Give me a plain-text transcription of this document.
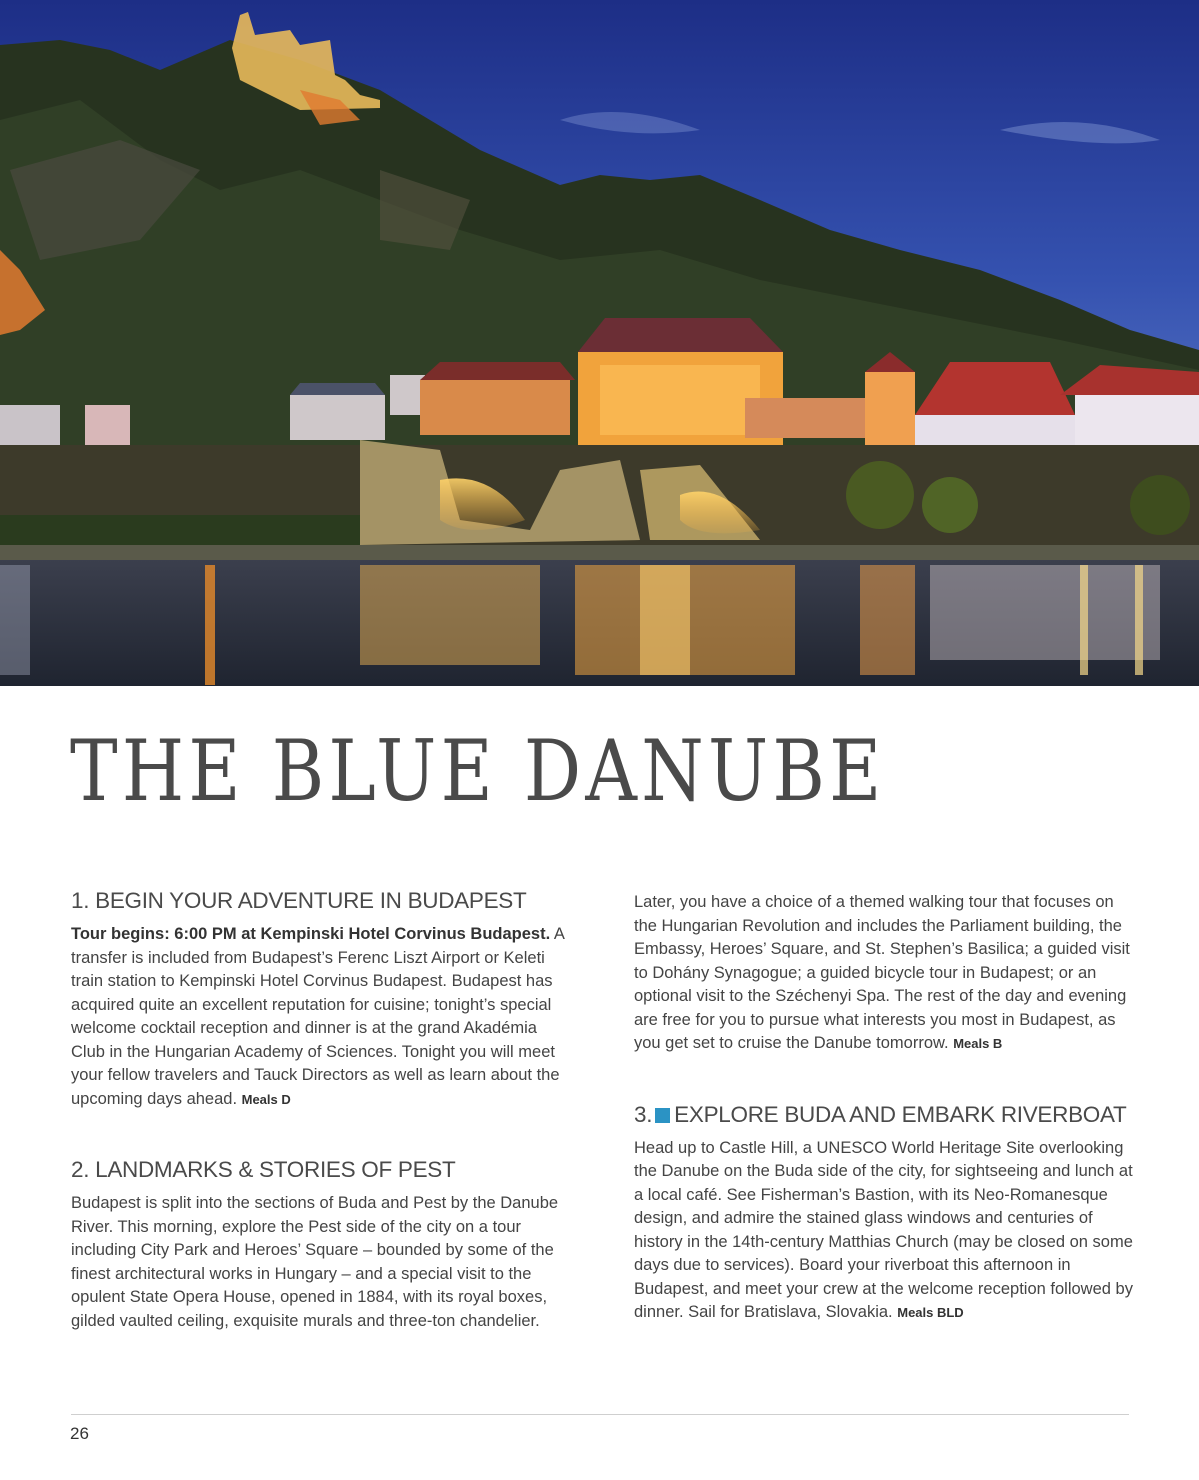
THE BLUE DANUBE
1. BEGIN YOUR ADVENTURE IN BUDAPEST

Tour begins: 6:00 PM at Kempinski Hotel Corvinus Budapest. A transfer is included from Budapest’s Ferenc Liszt Airport or Keleti train station to Kempinski Hotel Corvinus Budapest. Budapest has acquired quite an excellent reputation for cuisine; tonight’s special welcome cocktail reception and dinner is at the grand Akadémia Club in the Hungarian Academy of Sciences. Tonight you will meet your fellow travelers and Tauck Directors as well as learn about the upcoming days ahead. Meals D

2. LANDMARKS & STORIES OF PEST

Budapest is split into the sections of Buda and Pest by the Danube River. This morning, explore the Pest side of the city on a tour including City Park and Heroes’ Square – bounded by some of the finest architectural works in Hungary – and a special visit to the opulent State Opera House, opened in 1884, with its royal boxes, gilded vaulted ceiling, exquisite murals and three-ton chandelier.

Later, you have a choice of a themed walking tour that focuses on the Hungarian Revolution and includes the Parliament building, the Embassy, Heroes’ Square, and St. Stephen’s Basilica; a guided visit to Dohány Synagogue; a guided bicycle tour in Budapest; or an optional visit to the Széchenyi Spa. The rest of the day and evening are free for you to pursue what interests you most in Budapest, as you get set to cruise the Danube tomorrow. Meals B

3. EXPLORE BUDA AND EMBARK RIVERBOAT

Head up to Castle Hill, a UNESCO World Heritage Site overlooking the Danube on the Buda side of the city, for sightseeing and lunch at a local café. See Fisherman’s Bastion, with its Neo-Romanesque design, and admire the stained glass windows and centuries of history in the 14th-century Matthias Church (may be closed on some days due to services). Board your riverboat this afternoon in Budapest, and meet your crew at the welcome reception followed by dinner. Sail for Bratislava, Slovakia. Meals BLD

26
